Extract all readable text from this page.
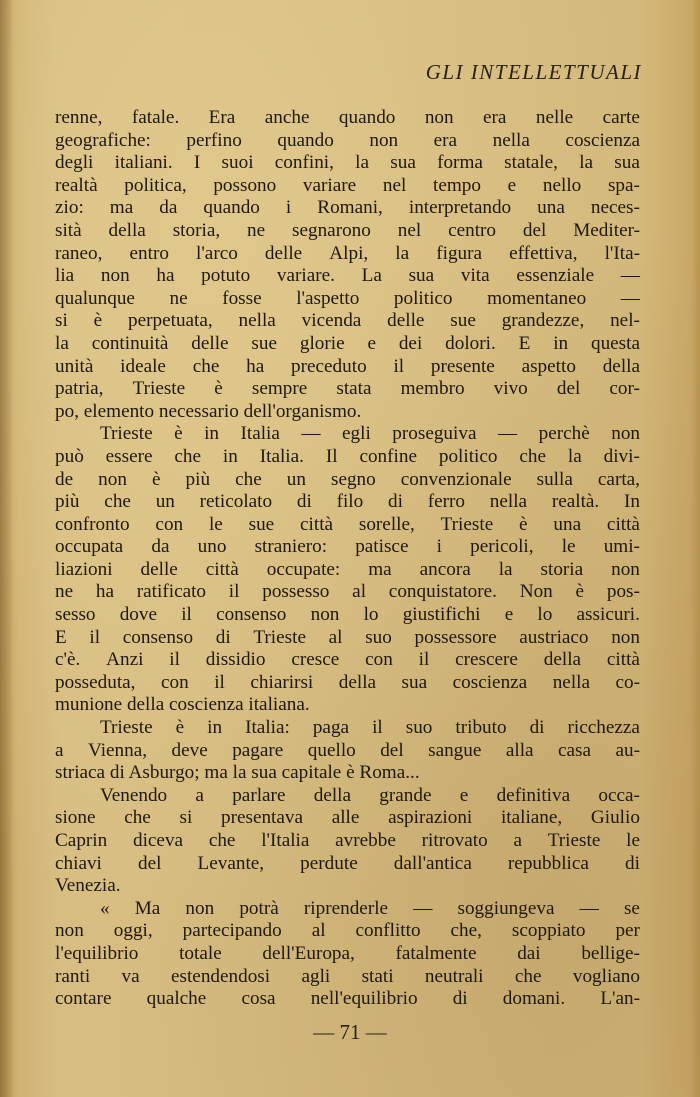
GLI INTELLETTUALI
renne, fatale. Era anche quando non era nelle carte
geografiche: perfino quando non era nella coscienza
degli italiani. I suoi confini, la sua forma statale, la sua
realtà politica, possono variare nel tempo e nello spa-
zio: ma da quando i Romani, interpretando una neces-
sità della storia, ne segnarono nel centro del Mediter-
raneo, entro l'arco delle Alpi, la figura effettiva, l'Ita-
lia non ha potuto variare. La sua vita essenziale —
qualunque ne fosse l'aspetto politico momentaneo —
si è perpetuata, nella vicenda delle sue grandezze, nel-
la continuità delle sue glorie e dei dolori. E in questa
unità ideale che ha preceduto il presente aspetto della
patria, Trieste è sempre stata membro vivo del cor-
po, elemento necessario dell'organismo.
Trieste è in Italia — egli proseguiva — perchè non
può essere che in Italia. Il confine politico che la divi-
de non è più che un segno convenzionale sulla carta,
più che un reticolato di filo di ferro nella realtà. In
confronto con le sue città sorelle, Trieste è una città
occupata da uno straniero: patisce i pericoli, le umi-
liazioni delle città occupate: ma ancora la storia non
ne ha ratificato il possesso al conquistatore. Non è pos-
sesso dove il consenso non lo giustifichi e lo assicuri.
E il consenso di Trieste al suo possessore austriaco non
c'è. Anzi il dissidio cresce con il crescere della città
posseduta, con il chiarirsi della sua coscienza nella co-
munione della coscienza italiana.
Trieste è in Italia: paga il suo tributo di ricchezza
a Vienna, deve pagare quello del sangue alla casa au-
striaca di Asburgo; ma la sua capitale è Roma...
Venendo a parlare della grande e definitiva occa-
sione che si presentava alle aspirazioni italiane, Giulio
Caprin diceva che l'Italia avrebbe ritrovato a Trieste le
chiavi del Levante, perdute dall'antica repubblica di
Venezia.
« Ma non potrà riprenderle — soggiungeva — se
non oggi, partecipando al conflitto che, scoppiato per
l'equilibrio totale dell'Europa, fatalmente dai bellige-
ranti va estendendosi agli stati neutrali che vogliano
contare qualche cosa nell'equilibrio di domani. L'an-
— 71 —
